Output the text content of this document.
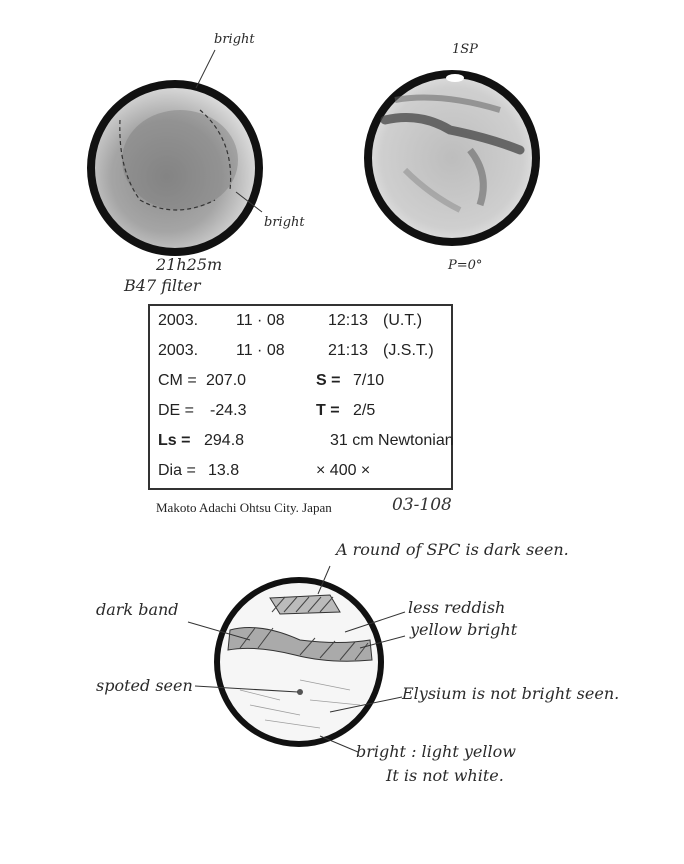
bright
bright
21h25m
B47 filter
1SP
P=0°
2003. 11 · 08	12:13 (U.T.)
2003. 11 · 08	21:13 (J.S.T.)
CM = 207.0	S = 7/10
DE = -24.3	T = 2/5
Ls = 294.8	31 cm Newtonian
Dia = 13.8	× 400 ×
Makoto Adachi Ohtsu City. Japan	03-108
A round of SPC is dark seen.
dark band	less reddish
yellow bright
spoted seen	Elysium is not bright seen.
bright : light yellow
It is not white.
